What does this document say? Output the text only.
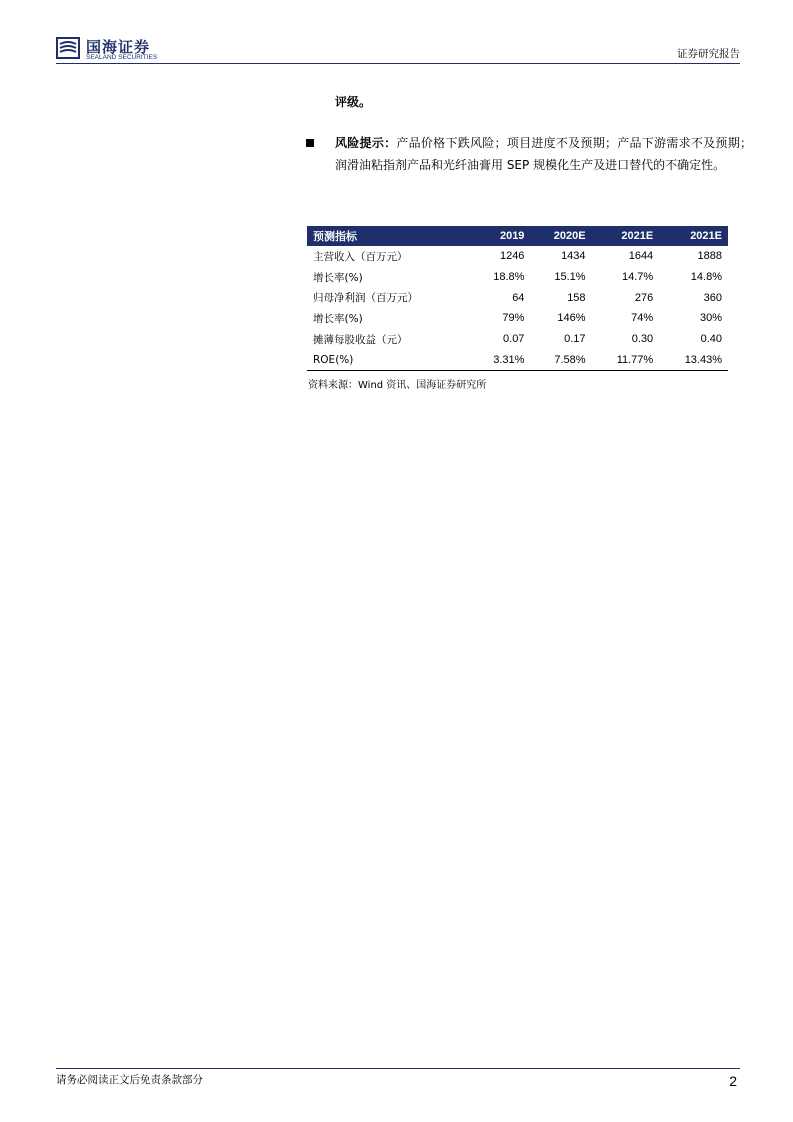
国海证券
SEALAND SECURITIES	证券研究报告
评级。
风险提示：产品价格下跌风险；项目进度不及预期；产品下游需求不及预期；润滑油粘指剂产品和光纤油膏用 SEP 规模化生产及进口替代的不确定性。
预测指标	2019	2020E	2021E	2021E
主营收入（百万元）	1246	1434	1644	1888
增长率(%)	18.8%	15.1%	14.7%	14.8%
归母净利润（百万元）	64	158	276	360
增长率(%)	79%	146%	74%	30%
摊薄每股收益（元）	0.07	0.17	0.30	0.40
ROE(%)	3.31%	7.58%	11.77%	13.43%
资料来源：Wind 资讯、国海证券研究所
请务必阅读正文后免责条款部分	2
